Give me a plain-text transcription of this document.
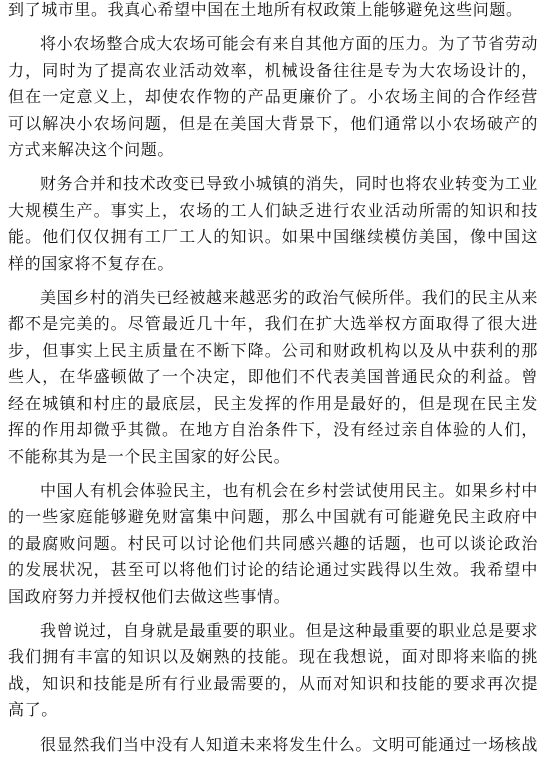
到了城市里。我真心希望中国在土地所有权政策上能够避免这些问题。

将小农场整合成大农场可能会有来自其他方面的压力。为了节省劳动力，同时为了提高农业活动效率，机械设备往往是专为大农场设计的，但在一定意义上，却使农作物的产品更廉价了。小农场主间的合作经营可以解决小农场问题，但是在美国大背景下，他们通常以小农场破产的方式来解决这个问题。

财务合并和技术改变已导致小城镇的消失，同时也将农业转变为工业大规模生产。事实上，农场的工人们缺乏进行农业活动所需的知识和技能。他们仅仅拥有工厂工人的知识。如果中国继续模仿美国，像中国这样的国家将不复存在。

美国乡村的消失已经被越来越恶劣的政治气候所伴。我们的民主从来都不是完美的。尽管最近几十年，我们在扩大选举权方面取得了很大进步，但事实上民主质量在不断下降。公司和财政机构以及从中获利的那些人，在华盛顿做了一个决定，即他们不代表美国普通民众的利益。曾经在城镇和村庄的最底层，民主发挥的作用是最好的，但是现在民主发挥的作用却微乎其微。在地方自治条件下，没有经过亲自体验的人们，不能称其为是一个民主国家的好公民。

中国人有机会体验民主，也有机会在乡村尝试使用民主。如果乡村中的一些家庭能够避免财富集中问题，那么中国就有可能避免民主政府中的最腐败问题。村民可以讨论他们共同感兴趣的话题，也可以谈论政治的发展状况，甚至可以将他们讨论的结论通过实践得以生效。我希望中国政府努力并授权他们去做这些事情。

我曾说过，自身就是最重要的职业。但是这种最重要的职业总是要求我们拥有丰富的知识以及娴熟的技能。现在我想说，面对即将来临的挑战，知识和技能是所有行业最需要的，从而对知识和技能的要求再次提高了。

很显然我们当中没有人知道未来将发生什么。文明可能通过一场核战
